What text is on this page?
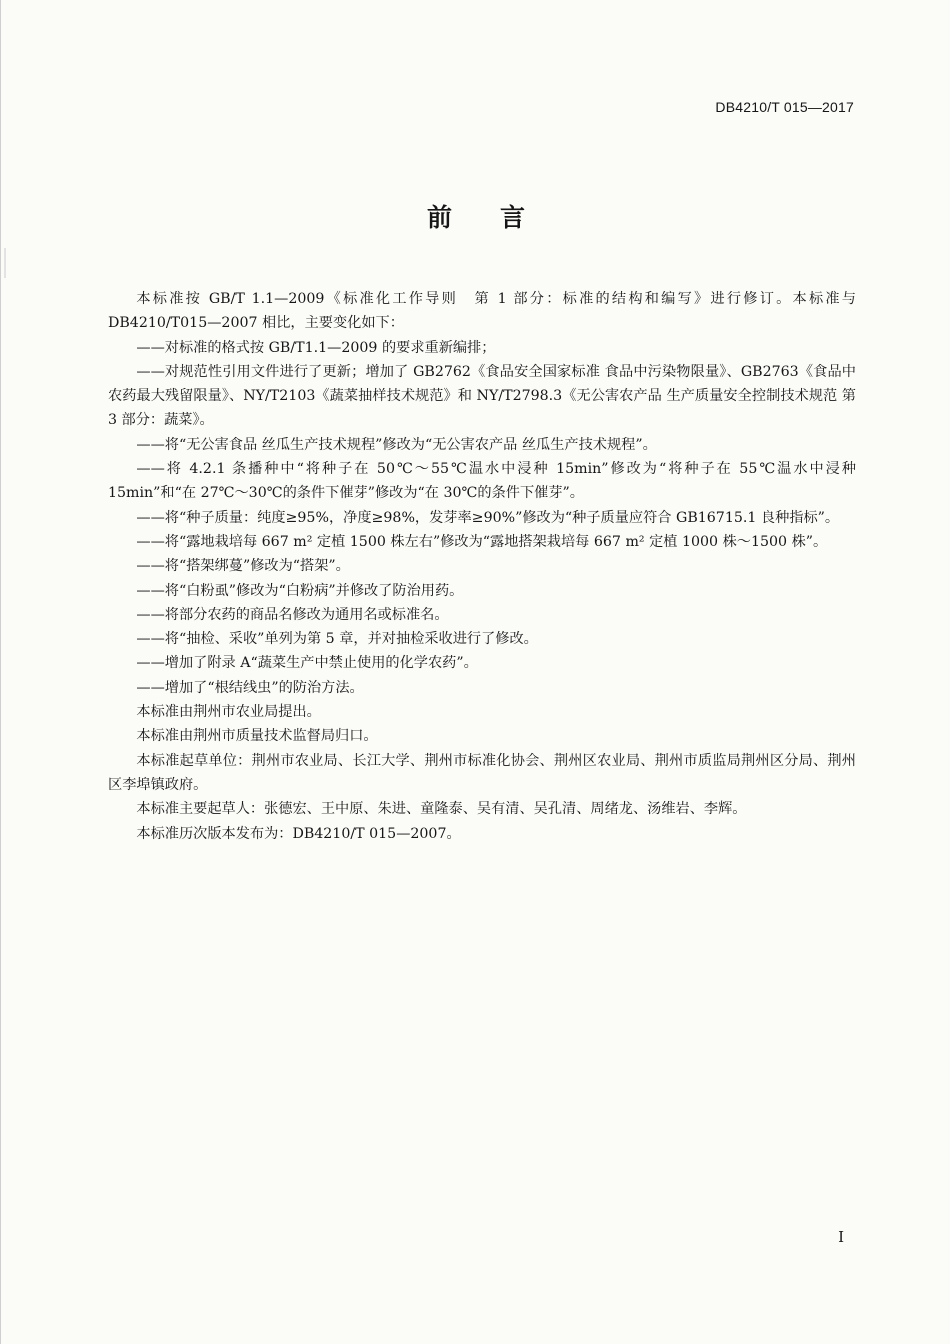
DB4210/T 015—2017
前言

本标准按 GB/T 1.1—2009《标准化工作导则　第 1 部分：标准的结构和编写》进行修订。本标准与 DB4210/T015—2007 相比，主要变化如下：

——对标准的格式按 GB/T1.1—2009 的要求重新编排；

——对规范性引用文件进行了更新；增加了 GB2762《食品安全国家标准 食品中污染物限量》、GB2763《食品中农药最大残留限量》、NY/T2103《蔬菜抽样技术规范》和 NY/T2798.3《无公害农产品 生产质量安全控制技术规范 第 3 部分：蔬菜》。

——将“无公害食品 丝瓜生产技术规程”修改为“无公害农产品 丝瓜生产技术规程”。

——将 4.2.1 条播种中“将种子在 50℃～55℃温水中浸种 15min”修改为“将种子在 55℃温水中浸种 15min”和“在 27℃～30℃的条件下催芽”修改为“在 30℃的条件下催芽”。

——将“种子质量：纯度≥95%，净度≥98%，发芽率≥90%”修改为“种子质量应符合 GB16715.1 良种指标”。

——将“露地栽培每 667 m² 定植 1500 株左右”修改为“露地搭架栽培每 667 m² 定植 1000 株～1500 株”。

——将“搭架绑蔓”修改为“搭架”。

——将“白粉虱”修改为“白粉病”并修改了防治用药。

——将部分农药的商品名修改为通用名或标准名。

——将“抽检、采收”单列为第 5 章，并对抽检采收进行了修改。

——增加了附录 A“蔬菜生产中禁止使用的化学农药”。

——增加了“根结线虫”的防治方法。

本标准由荆州市农业局提出。

本标准由荆州市质量技术监督局归口。

本标准起草单位：荆州市农业局、长江大学、荆州市标准化协会、荆州区农业局、荆州市质监局荆州区分局、荆州区李埠镇政府。

本标准主要起草人：张德宏、王中原、朱进、童隆泰、吴有清、吴孔清、周绪龙、汤维岩、李辉。

本标准历次版本发布为：DB4210/T 015—2007。

I
